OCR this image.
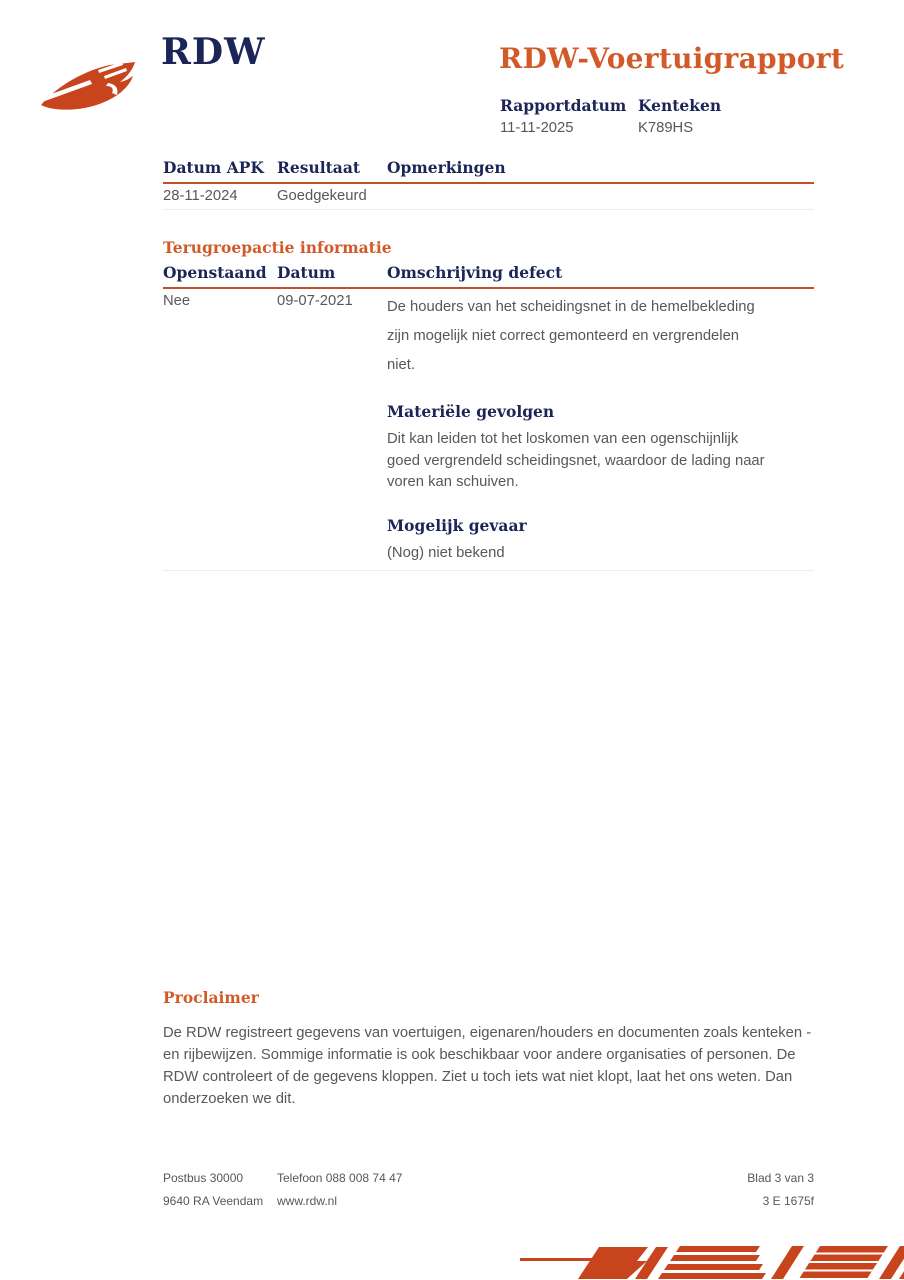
RDW	RDW-Voertuigrapport
Rapportdatum
11-11-2025
Kenteken
K789HS
Datum APK Resultaat	Opmerkingen
28-11-2024	Goedgekeurd
Terugroepactie informatie
Openstaand Datum	Omschrijving defect
Nee	09-07-2021	De houders van het scheidingsnet in de hemelbekleding zijn mogelijk niet correct gemonteerd en vergrendelen niet.
Materiële gevolgen
Dit kan leiden tot het loskomen van een ogenschijnlijk goed vergrendeld scheidingsnet, waardoor de lading naar voren kan schuiven.
Mogelijk gevaar
(Nog) niet bekend
Proclaimer

De RDW registreert gegevens van voertuigen, eigenaren/houders en documenten zoals kenteken - en rijbewijzen. Sommige informatie is ook beschikbaar voor andere organisaties of personen. De RDW controleert of de gegevens kloppen. Ziet u toch iets wat niet klopt, laat het ons weten. Dan onderzoeken we dit.

Postbus 30000	Telefoon 088 008 74 47	Blad 3 van 3
9640 RA Veendam www.rdw.nl	3 E 1675f
